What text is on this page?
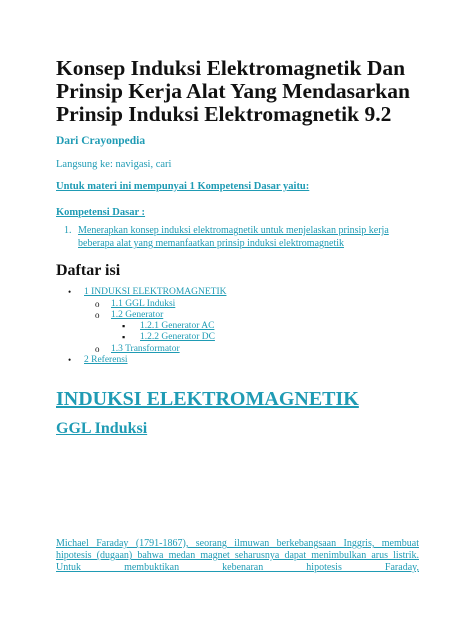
Konsep Induksi Elektromagnetik Dan Prinsip Kerja Alat Yang Mendasarkan Prinsip Induksi Elektromagnetik 9.2
Dari Crayonpedia
Langsung ke: navigasi, cari
Untuk materi ini mempunyai 1 Kompetensi Dasar yaitu:
Kompetensi Dasar :
1. Menerapkan konsep induksi elektromagnetik untuk menjelaskan prinsip kerja beberapa alat yang memanfaatkan prinsip induksi elektromagnetik
Daftar isi
• 1 INDUKSI ELEKTROMAGNETIK
o 1.1 GGL Induksi
o 1.2 Generator
▪ 1.2.1 Generator AC
▪ 1.2.2 Generator DC
o 1.3 Transformator
• 2 Referensi
INDUKSI ELEKTROMAGNETIK
GGL Induksi
Michael Faraday (1791-1867), seorang ilmuwan berkebangsaan Inggris, membuat hipotesis (dugaan) bahwa medan magnet seharusnya dapat menimbulkan arus listrik. Untuk membuktikan kebenaran hipotesis Faraday,
